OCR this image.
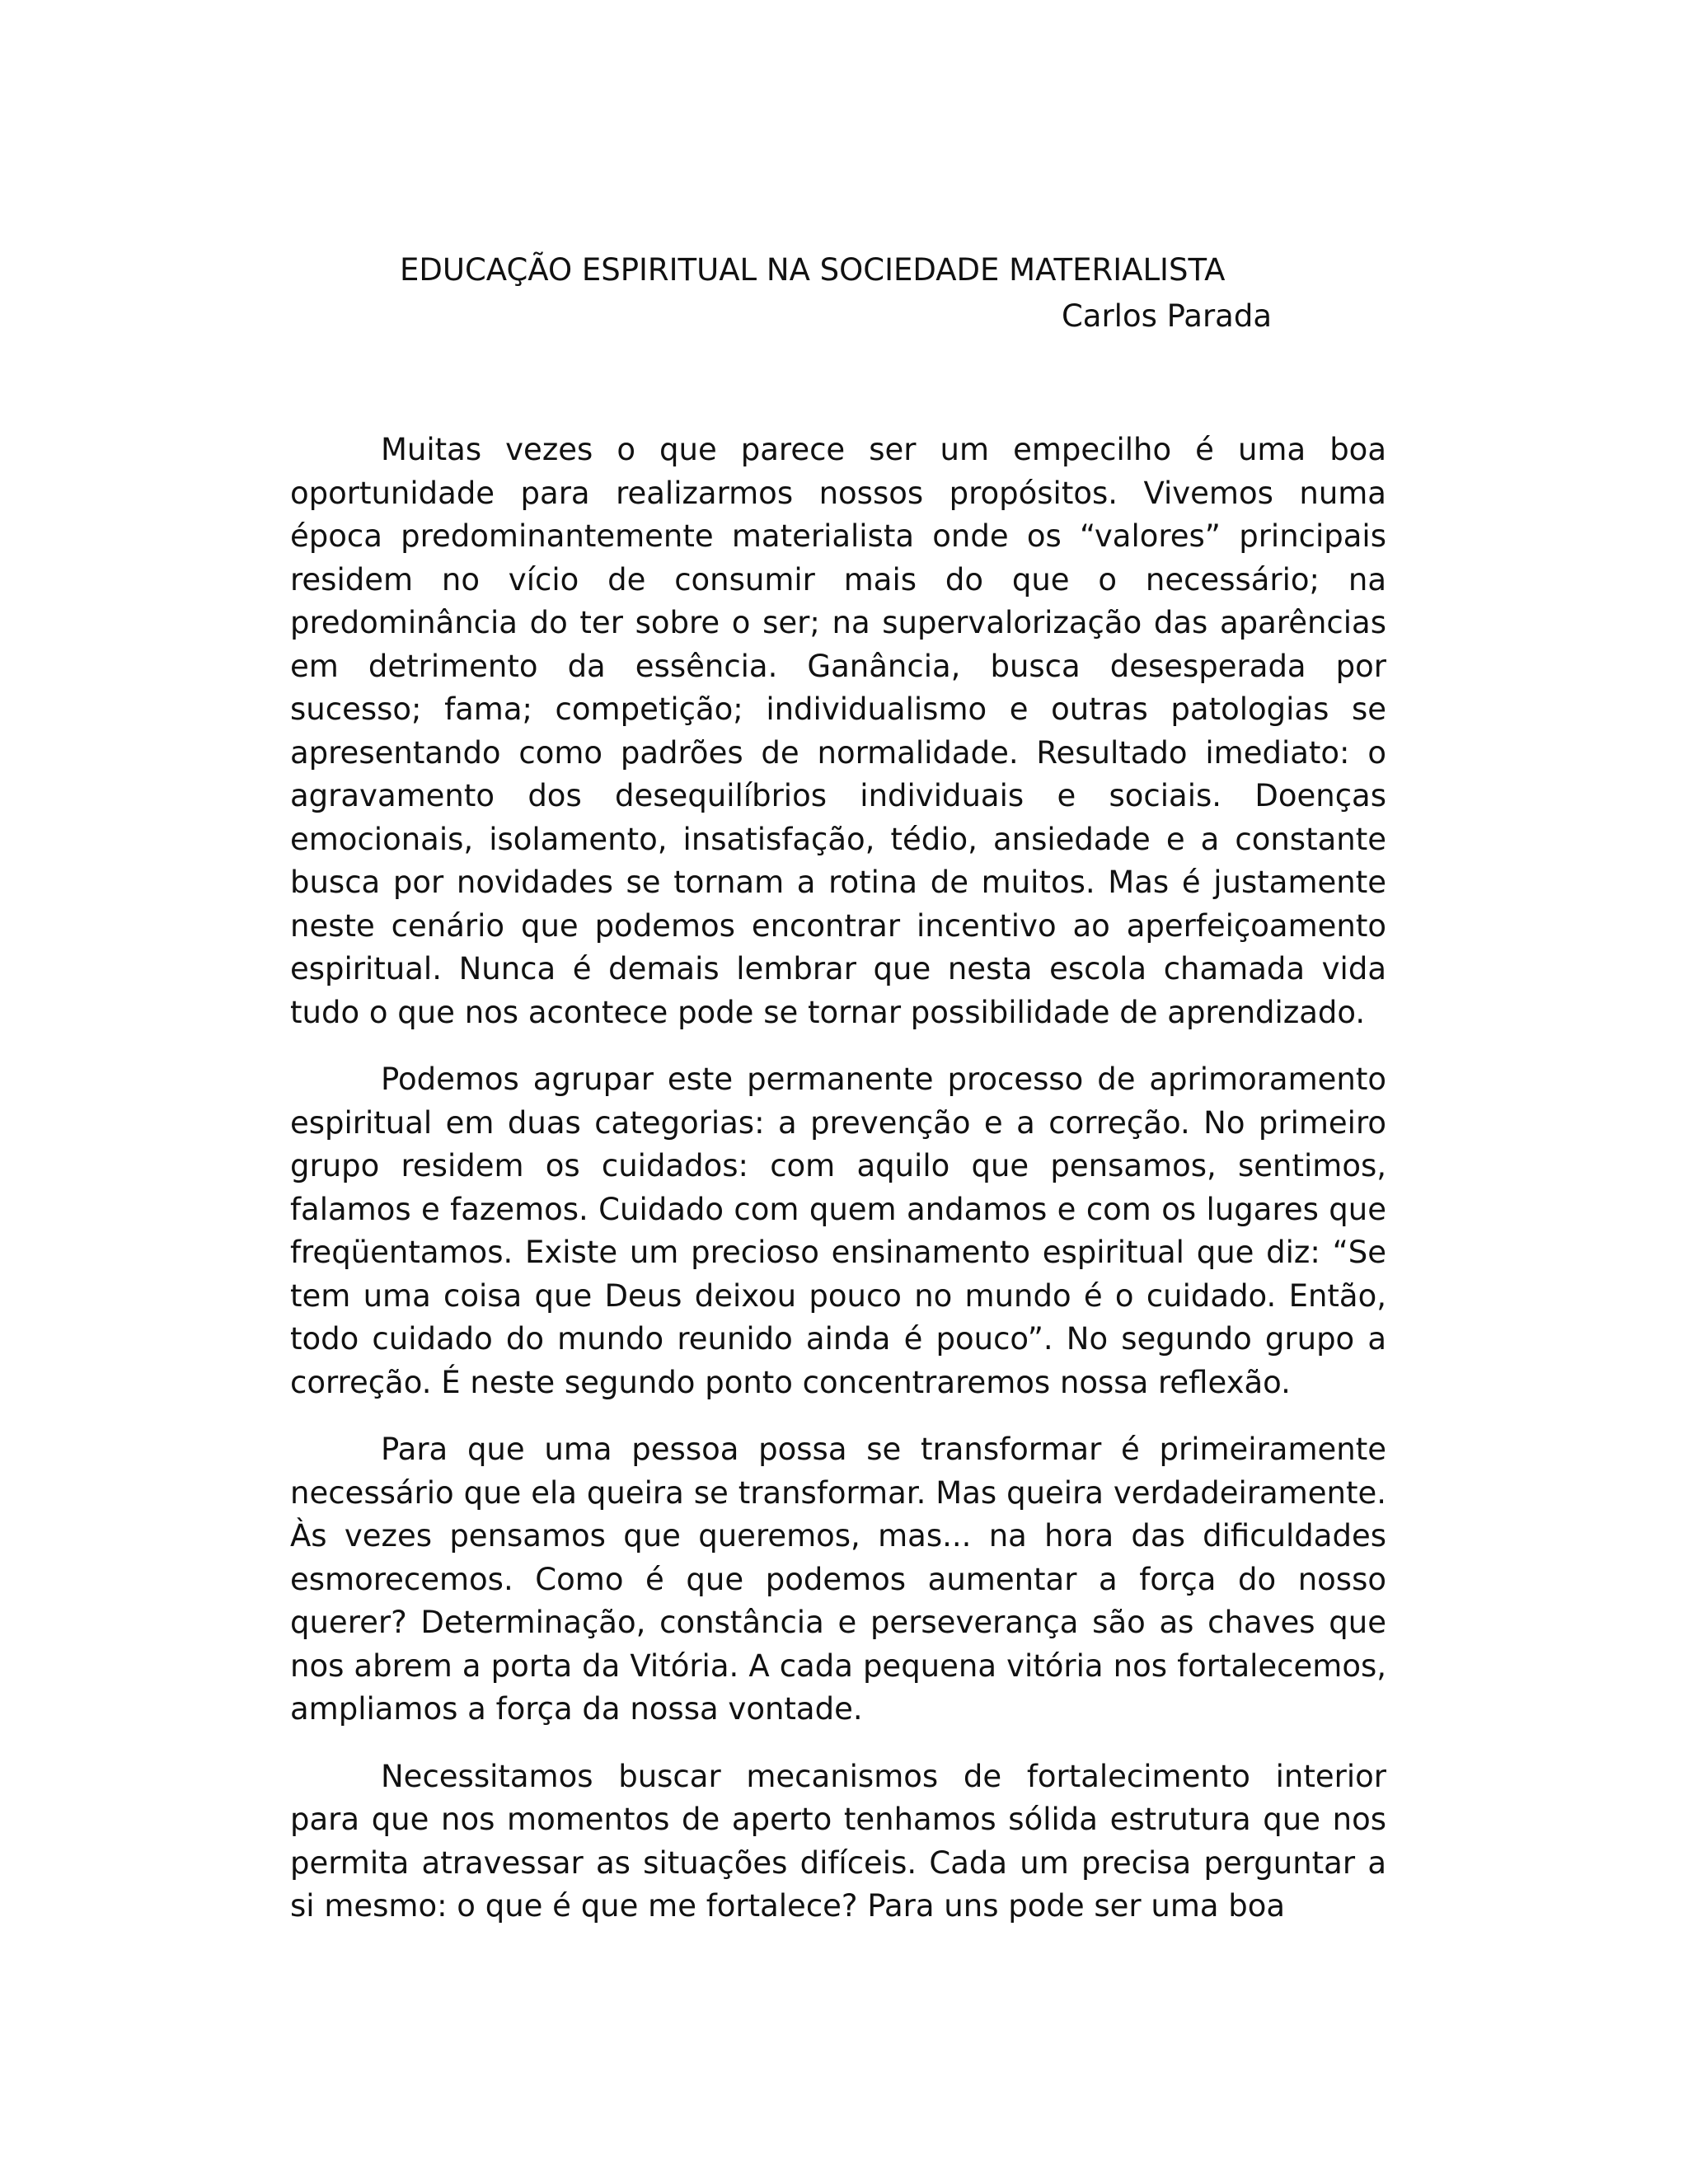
EDUCAÇÃO ESPIRITUAL NA SOCIEDADE MATERIALISTA
Carlos Parada

Muitas vezes o que parece ser um empecilho é uma boa oportunidade para realizarmos nossos propósitos. Vivemos numa época predominantemente materialista onde os “valores” principais residem no vício de consumir mais do que o necessário; na predominância do ter sobre o ser; na supervalorização das aparências em detrimento da essência. Ganância, busca desesperada por sucesso; fama; competição; individualismo e outras patologias se apresentando como padrões de normalidade. Resultado imediato: o agravamento dos desequilíbrios individuais e sociais. Doenças emocionais, isolamento, insatisfação, tédio, ansiedade e a constante busca por novidades se tornam a rotina de muitos. Mas é justamente neste cenário que podemos encontrar incentivo ao aperfeiçoamento espiritual. Nunca é demais lembrar que nesta escola chamada vida tudo o que nos acontece pode se tornar possibilidade de aprendizado.

Podemos agrupar este permanente processo de aprimoramento espiritual em duas categorias: a prevenção e a correção. No primeiro grupo residem os cuidados: com aquilo que pensamos, sentimos, falamos e fazemos. Cuidado com quem andamos e com os lugares que freqüentamos. Existe um precioso ensinamento espiritual que diz: “Se tem uma coisa que Deus deixou pouco no mundo é o cuidado. Então, todo cuidado do mundo reunido ainda é pouco”. No segundo grupo a correção. É neste segundo ponto concentraremos nossa reflexão.

Para que uma pessoa possa se transformar é primeiramente necessário que ela queira se transformar. Mas queira verdadeiramente. Às vezes pensamos que queremos, mas... na hora das dificuldades esmorecemos. Como é que podemos aumentar a força do nosso querer? Determinação, constância e perseverança são as chaves que nos abrem a porta da Vitória. A cada pequena vitória nos fortalecemos, ampliamos a força da nossa vontade.

Necessitamos buscar mecanismos de fortalecimento interior para que nos momentos de aperto tenhamos sólida estrutura que nos permita atravessar as situações difíceis. Cada um precisa perguntar a si mesmo: o que é que me fortalece? Para uns pode ser uma boa
